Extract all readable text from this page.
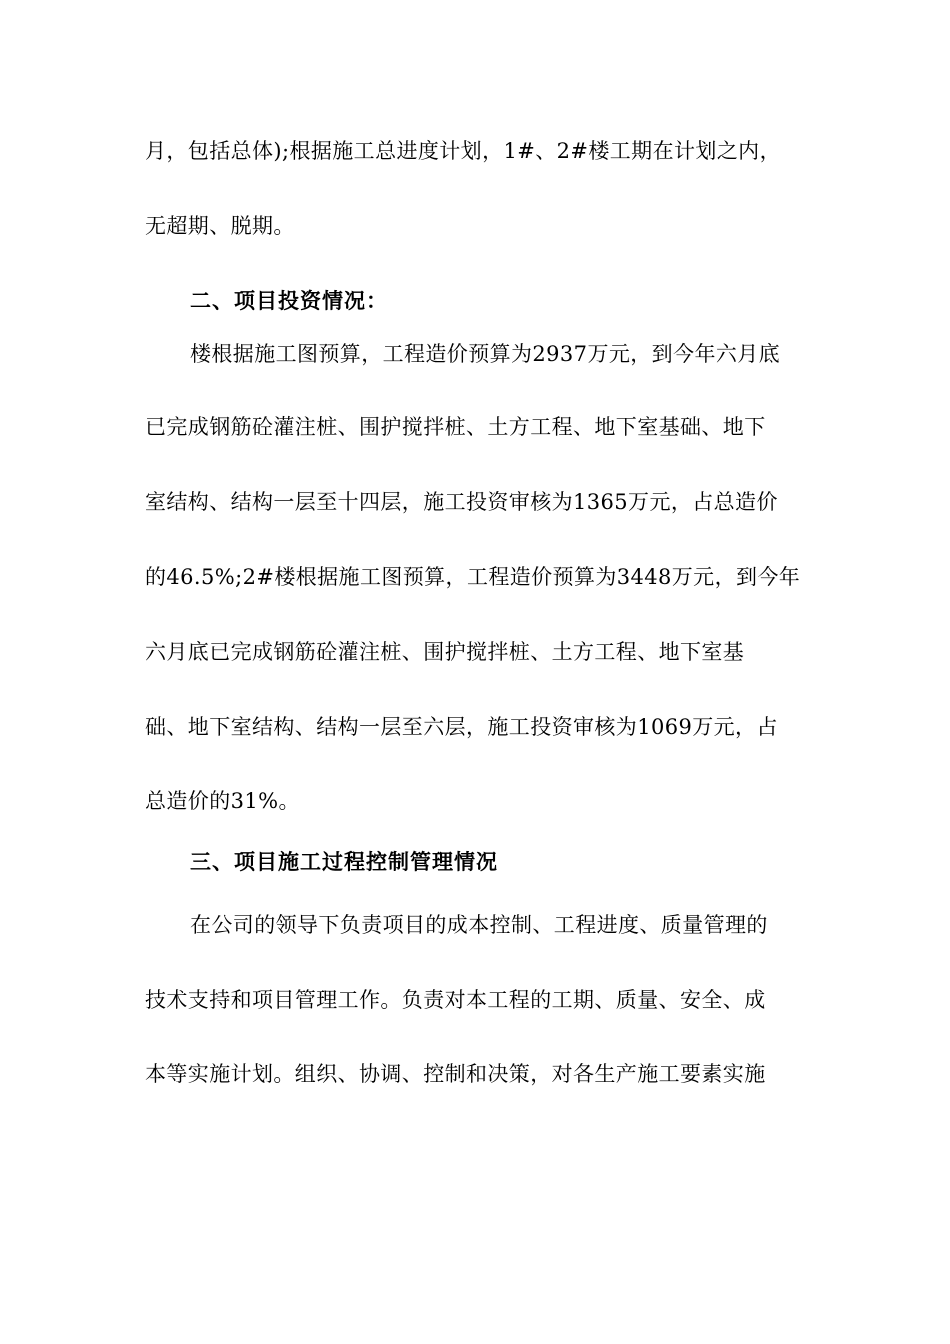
月，包括总体);根据施工总进度计划，1#、2#楼工期在计划之内，
无超期、脱期。
二、项目投资情况：
楼根据施工图预算，工程造价预算为2937万元，到今年六月底
已完成钢筋砼灌注桩、围护搅拌桩、土方工程、地下室基础、地下
室结构、结构一层至十四层，施工投资审核为1365万元，占总造价
的46.5%;2#楼根据施工图预算，工程造价预算为3448万元，到今年
六月底已完成钢筋砼灌注桩、围护搅拌桩、土方工程、地下室基
础、地下室结构、结构一层至六层，施工投资审核为1069万元，占
总造价的31%。
三、项目施工过程控制管理情况
在公司的领导下负责项目的成本控制、工程进度、质量管理的
技术支持和项目管理工作。负责对本工程的工期、质量、安全、成
本等实施计划。组织、协调、控制和决策，对各生产施工要素实施
